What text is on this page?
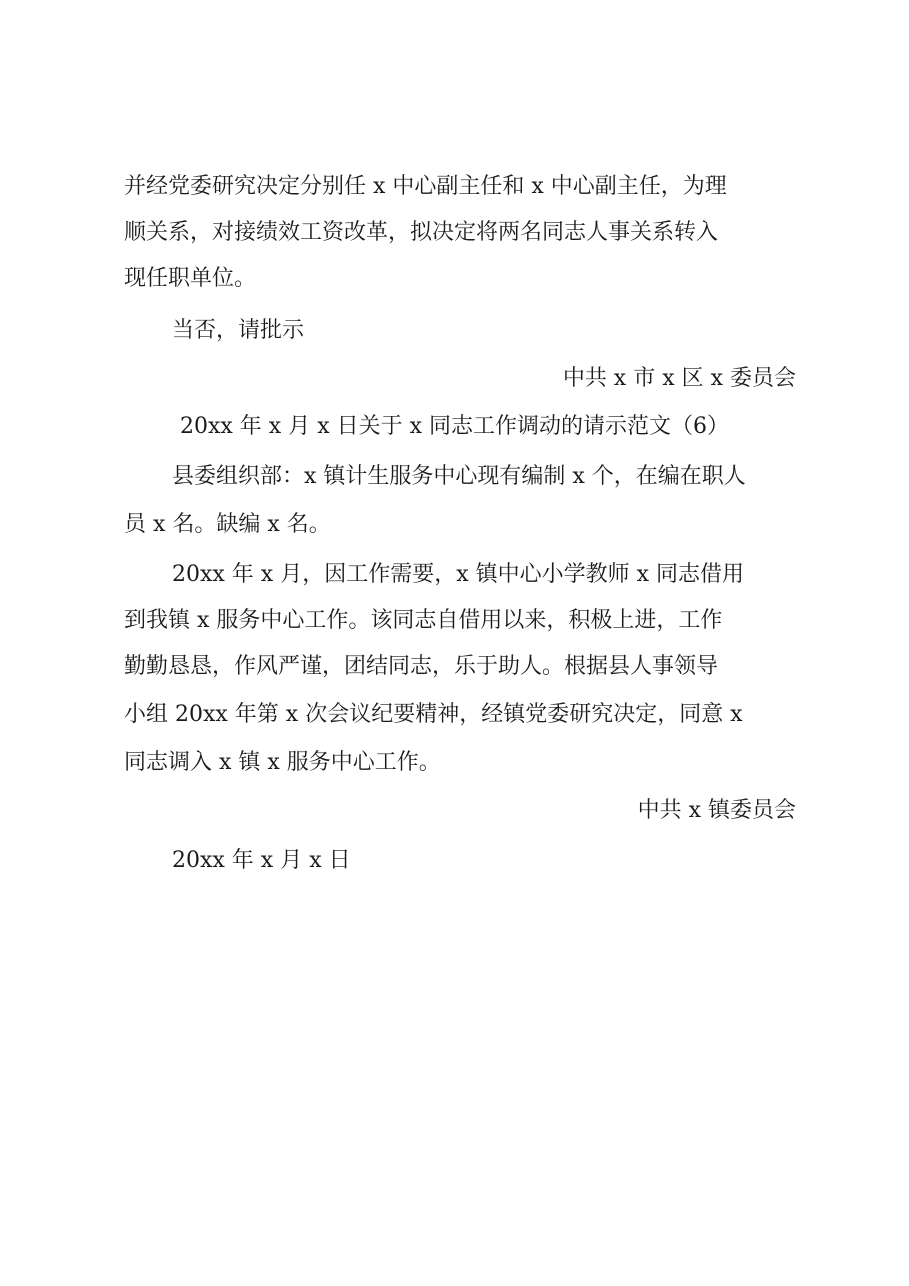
并经党委研究决定分别任 x 中心副主任和 x 中心副主任，为理
顺关系，对接绩效工资改革，拟决定将两名同志人事关系转入
现任职单位。
当否，请批示
中共 x 市 x 区 x 委员会
20xx 年 x 月 x 日关于 x 同志工作调动的请示范文（6）
县委组织部：x 镇计生服务中心现有编制 x 个，在编在职人
员 x 名。缺编 x 名。
20xx 年 x 月，因工作需要，x 镇中心小学教师 x 同志借用
到我镇 x 服务中心工作。该同志自借用以来，积极上进，工作
勤勤恳恳，作风严谨，团结同志，乐于助人。根据县人事领导
小组 20xx 年第 x 次会议纪要精神，经镇党委研究决定，同意 x
同志调入 x 镇 x 服务中心工作。
中共 x 镇委员会
20xx 年 x 月 x 日
